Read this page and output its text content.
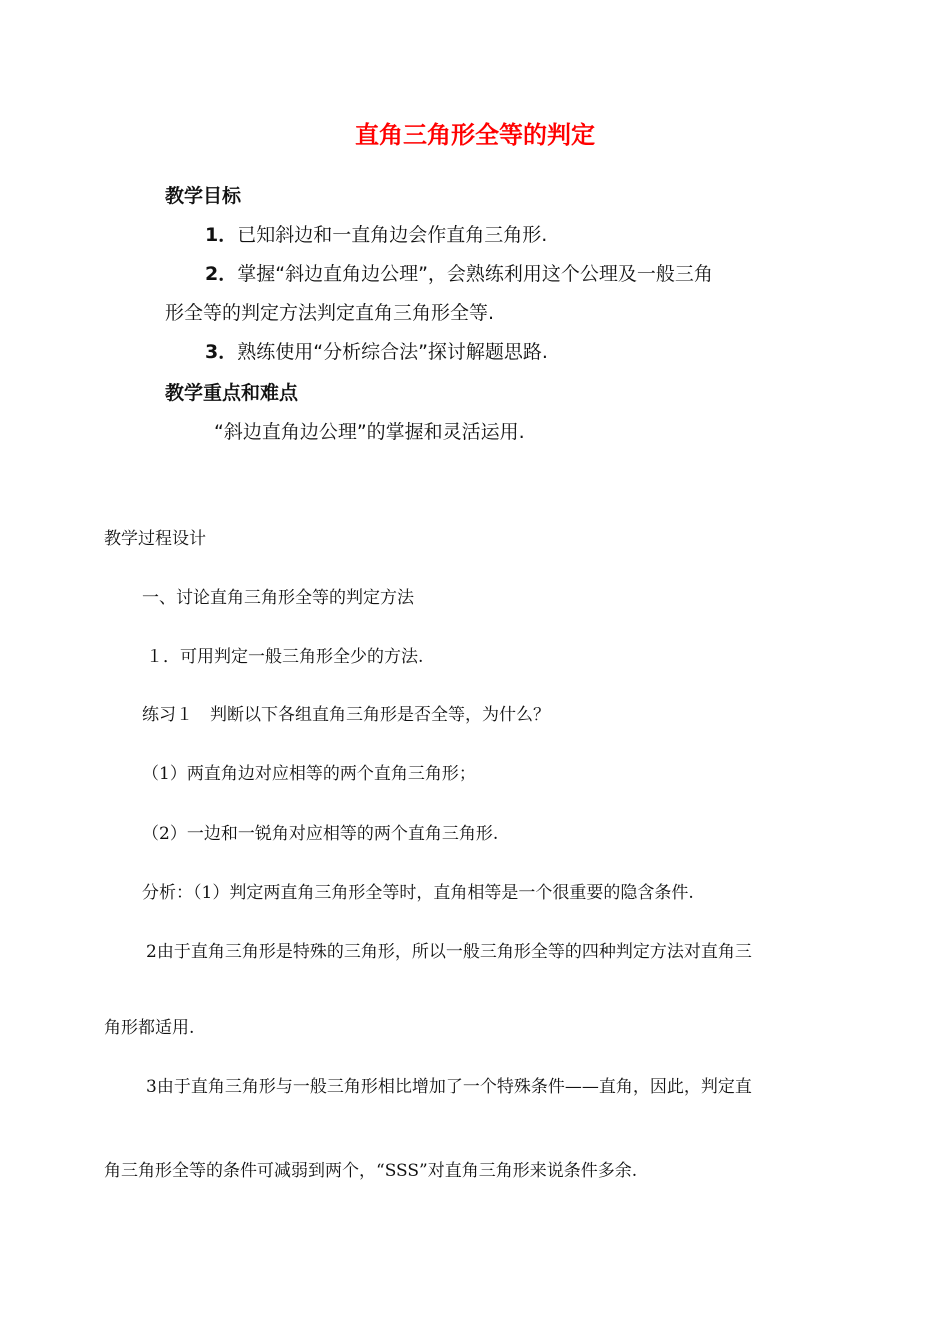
直角三角形全等的判定
教学目标
1．已知斜边和一直角边会作直角三角形.
2．掌握“斜边直角边公理”，会熟练利用这个公理及一般三角
形全等的判定方法判定直角三角形全等.
3．熟练使用“分析综合法”探讨解题思路.
教学重点和难点
“斜边直角边公理”的掌握和灵活运用.
教学过程设计
一、讨论直角三角形全等的判定方法
１．可用判定一般三角形全少的方法.
练习１　判断以下各组直角三角形是否全等，为什么？
（1）两直角边对应相等的两个直角三角形；
（2）一边和一锐角对应相等的两个直角三角形.
分析：（1）判定两直角三角形全等时，直角相等是一个很重要的隐含条件.
2由于直角三角形是特殊的三角形，所以一般三角形全等的四种判定方法对直角三
角形都适用.
3由于直角三角形与一般三角形相比增加了一个特殊条件——直角，因此，判定直
角三角形全等的条件可减弱到两个，“SSS”对直角三角形来说条件多余.
